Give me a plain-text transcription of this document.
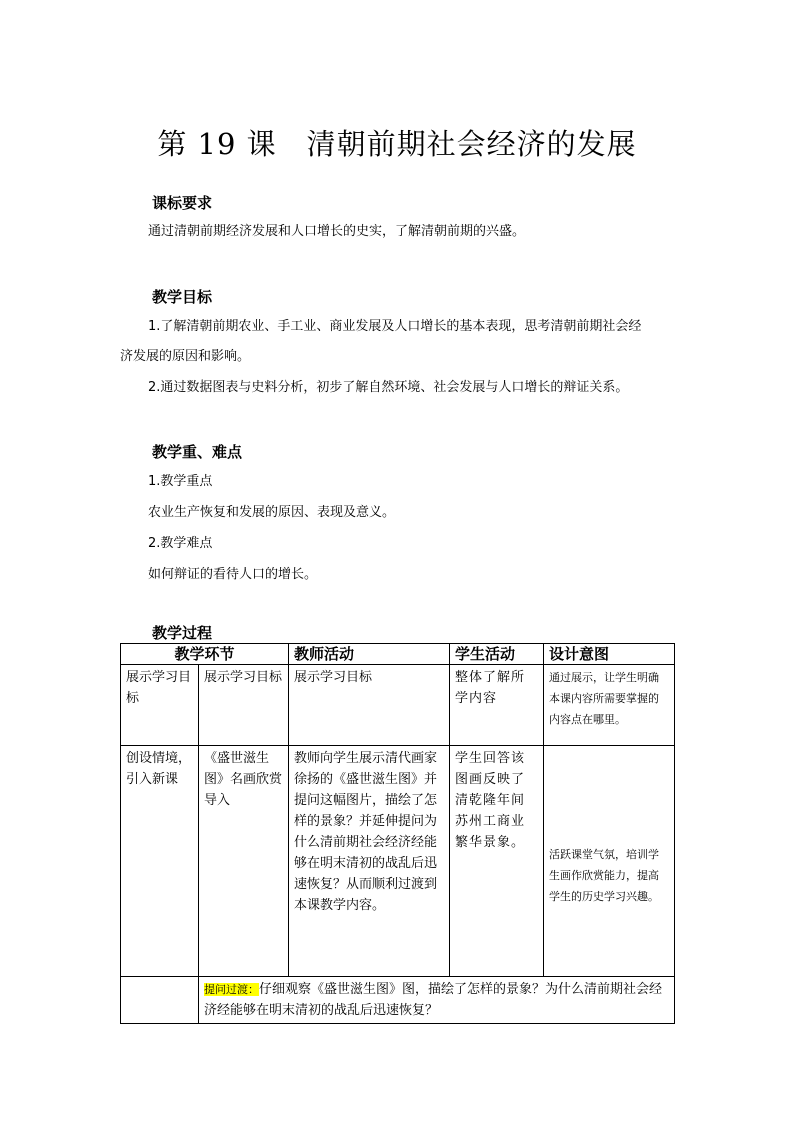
第 19 课　清朝前期社会经济的发展
课标要求
通过清朝前期经济发展和人口增长的史实，了解清朝前期的兴盛。
教学目标
1.了解清朝前期农业、手工业、商业发展及人口增长的基本表现，思考清朝前期社会经
济发展的原因和影响。
2.通过数据图表与史料分析，初步了解自然环境、社会发展与人口增长的辩证关系。
教学重、难点
1.教学重点
农业生产恢复和发展的原因、表现及意义。
2.教学难点
如何辩证的看待人口的增长。
教学过程
教学环节		教师活动	学生活动	设计意图
展示学习目标	展示学习目标	展示学习目标	整体了解所学内容	通过展示，让学生明确本课内容所需要掌握的内容点在哪里。
创设情境，引入新课	《盛世滋生图》名画欣赏导入	教师向学生展示清代画家徐扬的《盛世滋生图》并提问这幅图片，描绘了怎样的景象？并延伸提问为什么清前期社会经济经能够在明末清初的战乱后迅速恢复？从而顺利过渡到本课教学内容。	学生回答该图画反映了清乾隆年间苏州工商业繁华景象。	活跃课堂气氛，培训学生画作欣赏能力，提高学生的历史学习兴趣。
	提问过渡：仔细观察《盛世滋生图》图，描绘了怎样的景象？为什么清前期社会经济经能够在明末清初的战乱后迅速恢复？			
